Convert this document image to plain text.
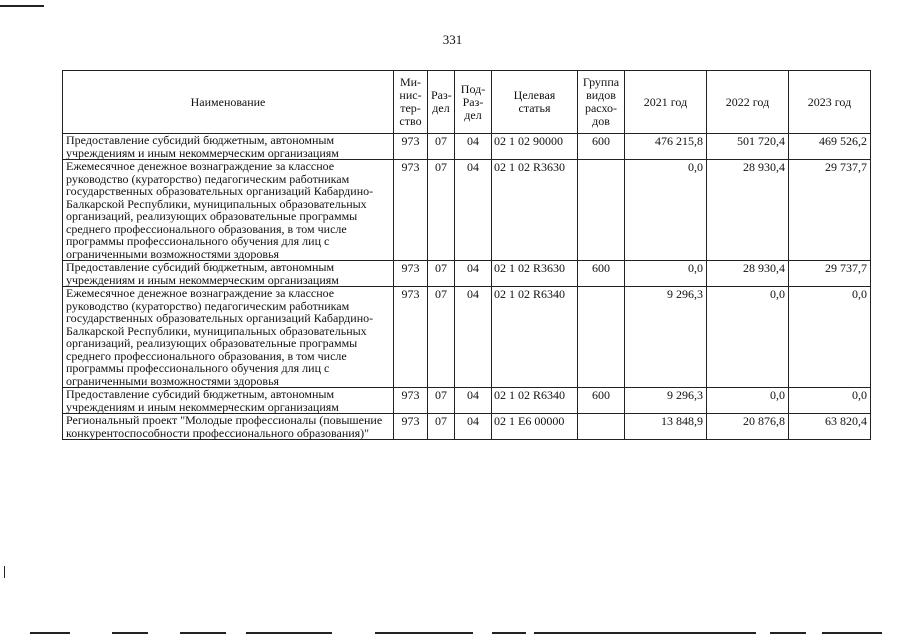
331
Наименование	Ми-
нис-
тер-
ство	Раз-
дел	Под-
Раз-
дел	Целевая
статья	Группа
видов
расхо-
дов	2021 год	2022 год	2023 год
Предоставление субсидий бюджетным, автономным учреждениям и иным некоммерческим организациям	973	07	04	02 1 02 90000	600	476 215,8	501 720,4	469 526,2
Ежемесячное денежное вознаграждение за классное руководство (кураторство) педагогическим работникам государственных образовательных организаций Кабардино-Балкарской Республики, муниципальных образовательных организаций, реализующих образовательные программы среднего профессионального образования, в том числе программы профессионального обучения для лиц с ограниченными возможностями здоровья	973	07	04	02 1 02 R3630		0,0	28 930,4	29 737,7
Предоставление субсидий бюджетным, автономным учреждениям и иным некоммерческим организациям	973	07	04	02 1 02 R3630	600	0,0	28 930,4	29 737,7
Ежемесячное денежное вознаграждение за классное руководство (кураторство) педагогическим работникам государственных образовательных организаций Кабардино-Балкарской Республики, муниципальных образовательных организаций, реализующих образовательные программы среднего профессионального образования, в том числе программы профессионального обучения для лиц с ограниченными возможностями здоровья	973	07	04	02 1 02 R6340		9 296,3	0,0	0,0
Предоставление субсидий бюджетным, автономным учреждениям и иным некоммерческим организациям	973	07	04	02 1 02 R6340	600	9 296,3	0,0	0,0
Региональный проект "Молодые профессионалы (повышение конкурентоспособности профессионального образования)"	973	07	04	02 1 E6 00000		13 848,9	20 876,8	63 820,4
